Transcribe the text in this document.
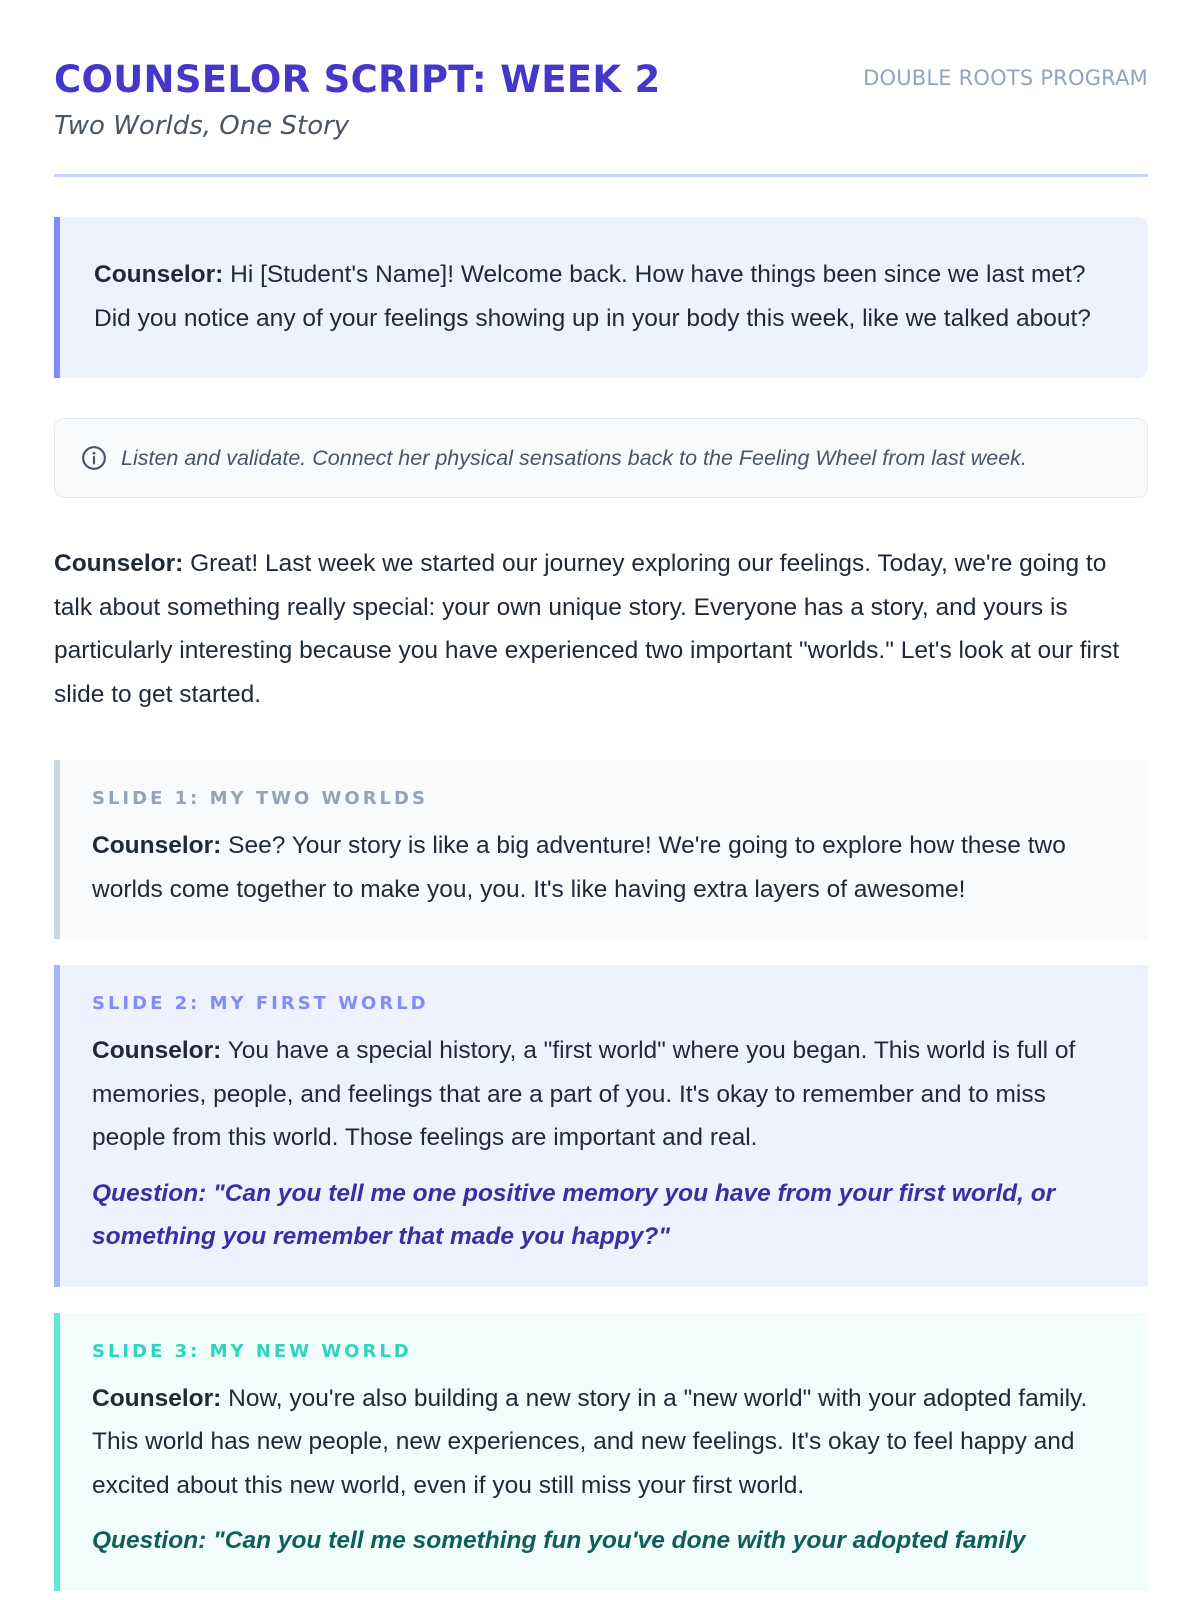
COUNSELOR SCRIPT: WEEK 2
Two Worlds, One Story
DOUBLE ROOTS PROGRAM
Counselor: Hi [Student's Name]! Welcome back. How have things been since we last met? Did you notice any of your feelings showing up in your body this week, like we talked about?
Listen and validate. Connect her physical sensations back to the Feeling Wheel from last week.
Counselor: Great! Last week we started our journey exploring our feelings. Today, we're going to talk about something really special: your own unique story. Everyone has a story, and yours is particularly interesting because you have experienced two important "worlds." Let's look at our first slide to get started.
SLIDE 1: MY TWO WORLDS
Counselor: See? Your story is like a big adventure! We're going to explore how these two worlds come together to make you, you. It's like having extra layers of awesome!
SLIDE 2: MY FIRST WORLD
Counselor: You have a special history, a "first world" where you began. This world is full of memories, people, and feelings that are a part of you. It's okay to remember and to miss people from this world. Those feelings are important and real.
Question: "Can you tell me one positive memory you have from your first world, or something you remember that made you happy?"
SLIDE 3: MY NEW WORLD
Counselor: Now, you're also building a new story in a "new world" with your adopted family. This world has new people, new experiences, and new feelings. It's okay to feel happy and excited about this new world, even if you still miss your first world.
Question: "Can you tell me something fun you've done with your adopted family
